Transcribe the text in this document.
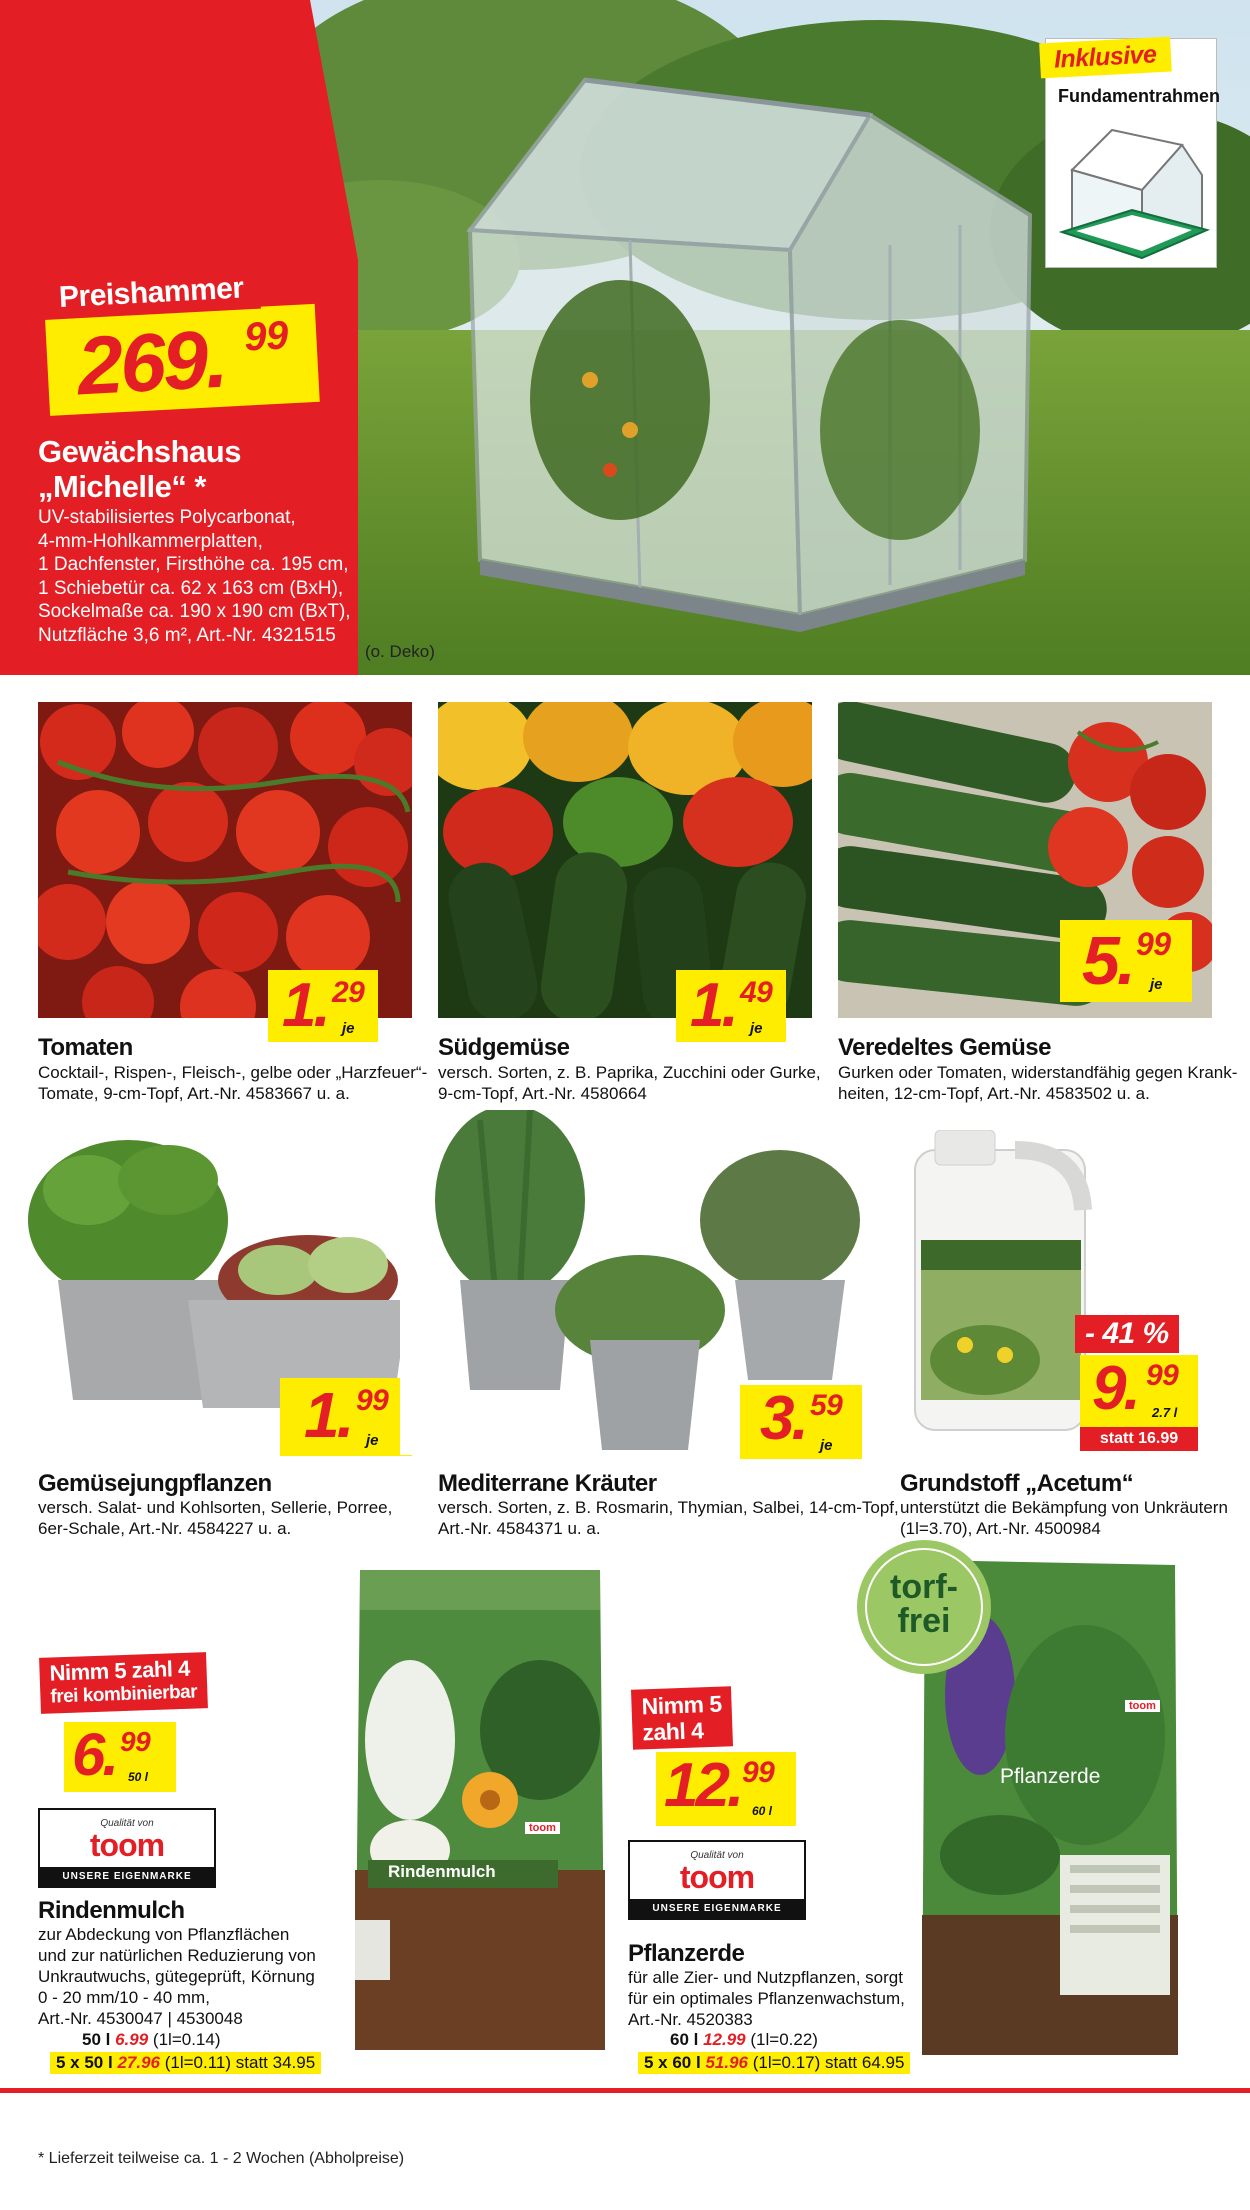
Preishammer
269. 99
Gewächshaus
„Michelle“ *
UV-stabilisiertes Polycarbonat,
4-mm-Hohlkammerplatten,
1 Dachfenster, Firsthöhe ca. 195 cm,
1 Schiebetür ca. 62 x 163 cm (BxH),
Sockelmaße ca. 190 x 190 cm (BxT),
Nutzfläche 3,6 m², Art.-Nr. 4321515
(o. Deko)
Inklusive
Fundamentrahmen
1. 29
je
Tomaten
Cocktail-, Rispen-, Fleisch-, gelbe oder „Harzfeuer“-
Tomate, 9-cm-Topf, Art.-Nr. 4583667 u. a.
1. 49
je
Südgemüse
versch. Sorten, z. B. Paprika, Zucchini oder Gurke,
9-cm-Topf, Art.-Nr. 4580664
5. 99
je
Veredeltes Gemüse
Gurken oder Tomaten, widerstandfähig gegen Krank-
heiten, 12-cm-Topf, Art.-Nr. 4583502 u. a.
1. 99
je
Gemüsejungpflanzen
versch. Salat- und Kohlsorten, Sellerie, Porree,
6er-Schale, Art.-Nr. 4584227 u. a.
3. 59
je
Mediterrane Kräuter
versch. Sorten, z. B. Rosmarin, Thymian, Salbei, 14-cm-Topf,
Art.-Nr. 4584371 u. a.
- 41 %
9. 99
2.7 l
statt 16.99
Grundstoff „Acetum“
unterstützt die Bekämpfung von Unkräutern
(1l=3.70), Art.-Nr. 4500984
Rindenmulch
toom
Pflanzerde
toom
torf-
frei
Nimm 5 zahl 4
frei kombinierbar
6. 99
50 l
Qualität von
toom
UNSERE EIGENMARKE
Rindenmulch
zur Abdeckung von Pflanzflächen
und zur natürlichen Reduzierung von
Unkrautwuchs, gütegeprüft, Körnung
0 - 20 mm/10 - 40 mm,
Art.-Nr. 4530047 | 4530048
50 l 6.99 (1l=0.14)
5 x 50 l 27.96 (1l=0.11) statt 34.95
Nimm 5
zahl 4
12. 99
60 l
Qualität von
toom
UNSERE EIGENMARKE
Pflanzerde
für alle Zier- und Nutzpflanzen, sorgt
für ein optimales Pflanzenwachstum,
Art.-Nr. 4520383
60 l 12.99 (1l=0.22)
5 x 60 l 51.96 (1l=0.17) statt 64.95
* Lieferzeit teilweise ca. 1 - 2 Wochen (Abholpreise)
